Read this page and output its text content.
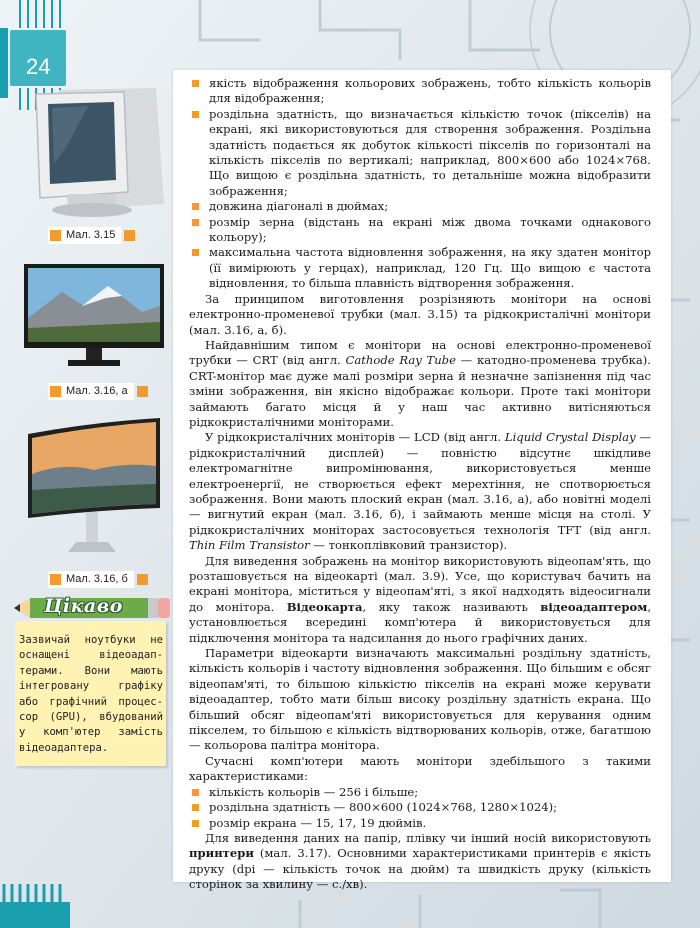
24
Мал. 3.15
Мал. 3.16, а
Мал. 3.16, б
Зазвичай ноутбуки не оснащені відеоадап-терами. Вони мають інтегровану графіку або графічний процес-сор (GPU), вбудований у комп'ютер замість відеоадаптера.
Цікаво
якість відображення кольорових зображень, тобто кількість кольорів для відображення;
роздільна здатність, що визначається кількістю точок (пікселів) на екрані, які використовуються для створення зображення. Роздільна здатність подається як добуток кількості пікселів по горизонталі на кількість пікселів по вертикалі; наприклад, 800×600 або 1024×768. Що вищою є роздільна здатність, то детальніше можна відобразити зображення;
довжина діагоналі в дюймах;
розмір зерна (відстань на екрані між двома точками однакового кольору);
максимальна частота відновлення зображення, на яку здатен монітор (її вимірюють у герцах), наприклад, 120 Гц. Що вищою є частота відновлення, то більша плавність відтворення зображення.

За принципом виготовлення розрізняють монітори на основі електронно-променевої трубки (мал. 3.15) та рідкокристалічні монітори (мал. 3.16, а, б).

Найдавнішим типом є монітори на основі електронно-променевої трубки — CRT (від англ. Cathode Ray Tube — катодно-променева трубка). CRT-монітор має дуже малі розміри зерна й незначне запізнення під час зміни зображення, він якісно відображає кольори. Проте такі монітори займають багато місця й у наш час активно витісняються рідкокристалічними моніторами.

У рідкокристалічних моніторів — LCD (від англ. Liquid Crystal Display — рідкокристалічний дисплей) — повністю відсутнє шкідливе електромагнітне випромінювання, використовується менше електроенергії, не створюється ефект мерехтіння, не спотворюється зображення. Вони мають плоский екран (мал. 3.16, а), або новітні моделі — вигнутий екран (мал. 3.16, б), і займають менше місця на столі. У рідкокристалічних моніторах застосовується технологія TFT (від англ. Thin Film Transistor — тонкоплівковий транзистор).

Для виведення зображень на монітор використовують відеопам'ять, що розташовується на відеокарті (мал. 3.9). Усе, що користувач бачить на екрані монітора, міститься у відеопам'яті, з якої надходять відеосигнали до монітора. Відеокарта, яку також називають відеоадаптером, установлюється всередині комп'ютера й використовується для підключення монітора та надсилання до нього графічних даних.

Параметри відеокарти визначають максимальні роздільну здатність, кількість кольорів і частоту відновлення зображення. Що більшим є обсяг відеопам'яті, то більшою кількістю пікселів на екрані може керувати відеоадаптер, тобто мати більш високу роздільну здатність екрана. Що більший обсяг відеопам'яті використовується для керування одним пікселем, то більшою є кількість відтворюваних кольорів, отже, багатшою — кольорова палітра монітора.

Сучасні комп'ютери мають монітори здебільшого з такими характеристиками:

кількість кольорів — 256 і більше;
роздільна здатність — 800×600 (1024×768, 1280×1024);
розмір екрана — 15, 17, 19 дюймів.

Для виведення даних на папір, плівку чи інший носій використовують принтери (мал. 3.17). Основними характеристиками принтерів є якість друку (dpi — кількість точок на дюйм) та швидкість друку (кількість сторінок за хвилину — с./хв).
